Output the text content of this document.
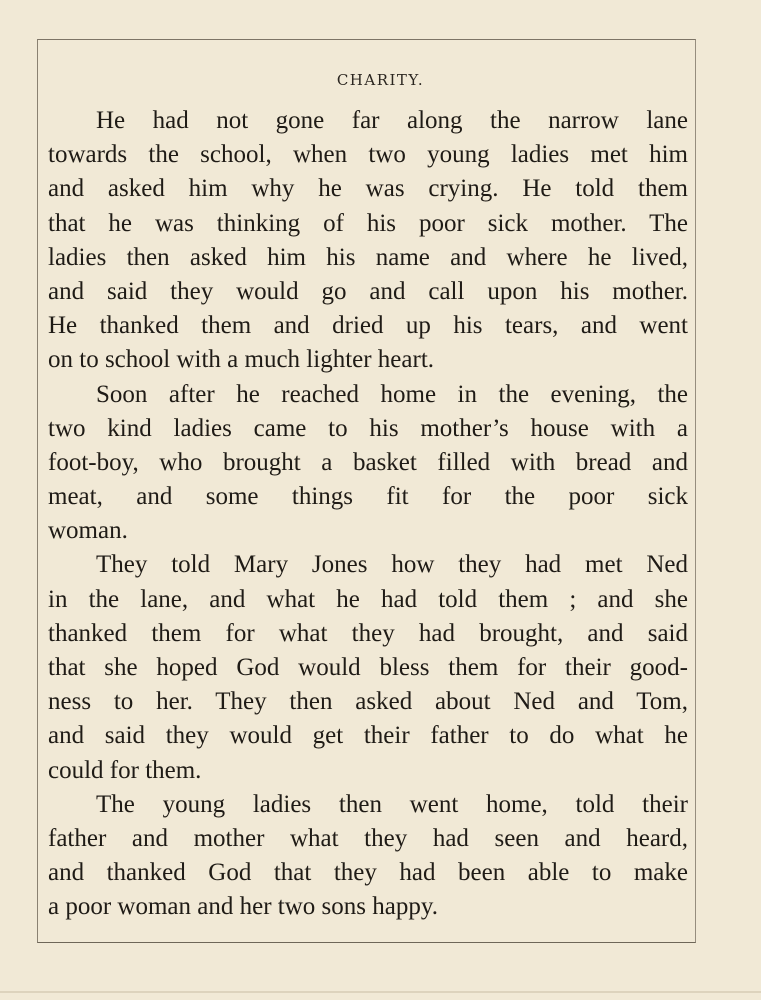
CHARITY.
He had not gone far along the narrow lane
towards the school, when two young ladies met him
and asked him why he was crying. He told them
that he was thinking of his poor sick mother. The
ladies then asked him his name and where he lived,
and said they would go and call upon his mother.
He thanked them and dried up his tears, and went
on to school with a much lighter heart.
Soon after he reached home in the evening, the
two kind ladies came to his mother’s house with a
foot-boy, who brought a basket filled with bread and
meat, and some things fit for the poor sick
woman.
They told Mary Jones how they had met Ned
in the lane, and what he had told them ; and she
thanked them for what they had brought, and said
that she hoped God would bless them for their good-
ness to her. They then asked about Ned and Tom,
and said they would get their father to do what he
could for them.
The young ladies then went home, told their
father and mother what they had seen and heard,
and thanked God that they had been able to make
a poor woman and her two sons happy.
